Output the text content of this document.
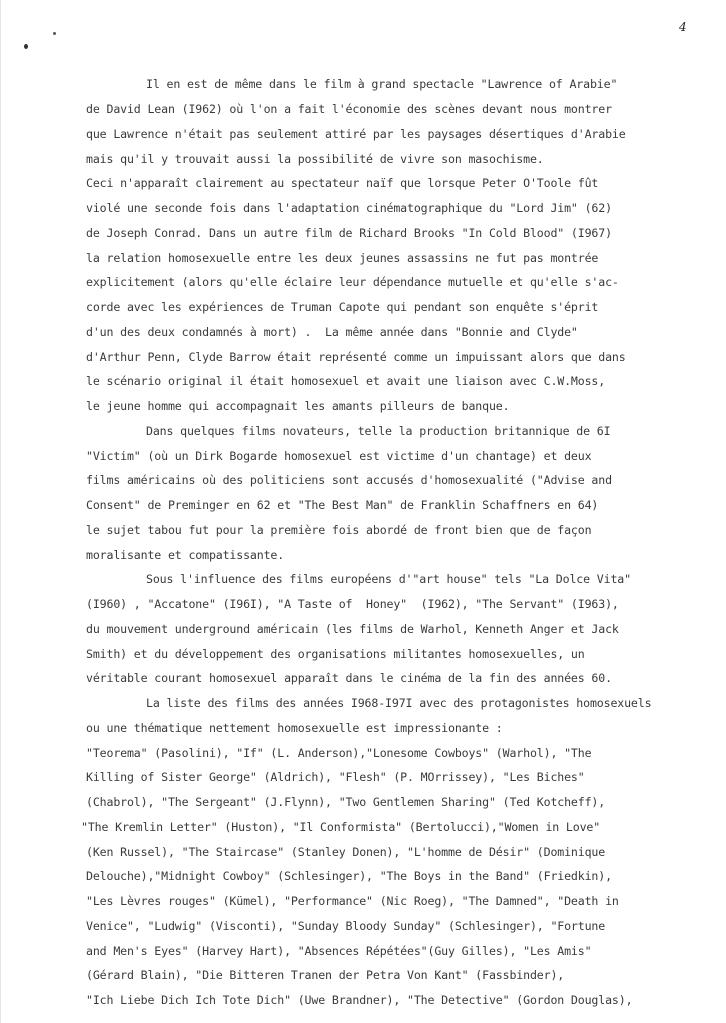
4
Il en est de même dans le film à grand spectacle "Lawrence of Arabie"
de David Lean (I962) où l'on a fait l'économie des scènes devant nous montrer
que Lawrence n'était pas seulement attiré par les paysages désertiques d'Arabie
mais qu'il y trouvait aussi la possibilité de vivre son masochisme.
Ceci n'apparaît clairement au spectateur naïf que lorsque Peter O'Toole fût
violé une seconde fois dans l'adaptation cinématographique du "Lord Jim" (62)
de Joseph Conrad. Dans un autre film de Richard Brooks "In Cold Blood" (I967)
la relation homosexuelle entre les deux jeunes assassins ne fut pas montrée
explicitement (alors qu'elle éclaire leur dépendance mutuelle et qu'elle s'ac-
corde avec les expériences de Truman Capote qui pendant son enquête s'éprit
d'un des deux condamnés à mort) .  La même année dans "Bonnie and Clyde"
d'Arthur Penn, Clyde Barrow était représenté comme un impuissant alors que dans
le scénario original il était homosexuel et avait une liaison avec C.W.Moss,
le jeune homme qui accompagnait les amants pilleurs de banque.
Dans quelques films novateurs, telle la production britannique de 6I
"Victim" (où un Dirk Bogarde homosexuel est victime d'un chantage) et deux
films américains où des politiciens sont accusés d'homosexualité ("Advise and
Consent" de Preminger en 62 et "The Best Man" de Franklin Schaffners en 64)
le sujet tabou fut pour la première fois abordé de front bien que de façon
moralisante et compatissante.
Sous l'influence des films européens d'"art house" tels "La Dolce Vita"
(I960) , "Accatone" (I96I), "A Taste of  Honey"  (I962), "The Servant" (I963),
du mouvement underground américain (les films de Warhol, Kenneth Anger et Jack
Smith) et du développement des organisations militantes homosexuelles, un
véritable courant homosexuel apparaît dans le cinéma de la fin des années 60.
La liste des films des années I968-I97I avec des protagonistes homosexuels
ou une thématique nettement homosexuelle est impressionante :
"Teorema" (Pasolini), "If" (L. Anderson),"Lonesome Cowboys" (Warhol), "The
Killing of Sister George" (Aldrich), "Flesh" (P. MOrrissey), "Les Biches"
(Chabrol), "The Sergeant" (J.Flynn), "Two Gentlemen Sharing" (Ted Kotcheff),
"The Kremlin Letter" (Huston), "Il Conformista" (Bertolucci),"Women in Love"
(Ken Russel), "The Staircase" (Stanley Donen), "L'homme de Désir" (Dominique
Delouche),"Midnight Cowboy" (Schlesinger), "The Boys in the Band" (Friedkin),
"Les Lèvres rouges" (Kümel), "Performance" (Nic Roeg), "The Damned", "Death in
Venice", "Ludwig" (Visconti), "Sunday Bloody Sunday" (Schlesinger), "Fortune
and Men's Eyes" (Harvey Hart), "Absences Répétées"(Guy Gilles), "Les Amis"
(Gérard Blain), "Die Bitteren Tranen der Petra Von Kant" (Fassbinder),
"Ich Liebe Dich Ich Tote Dich" (Uwe Brandner), "The Detective" (Gordon Douglas),
